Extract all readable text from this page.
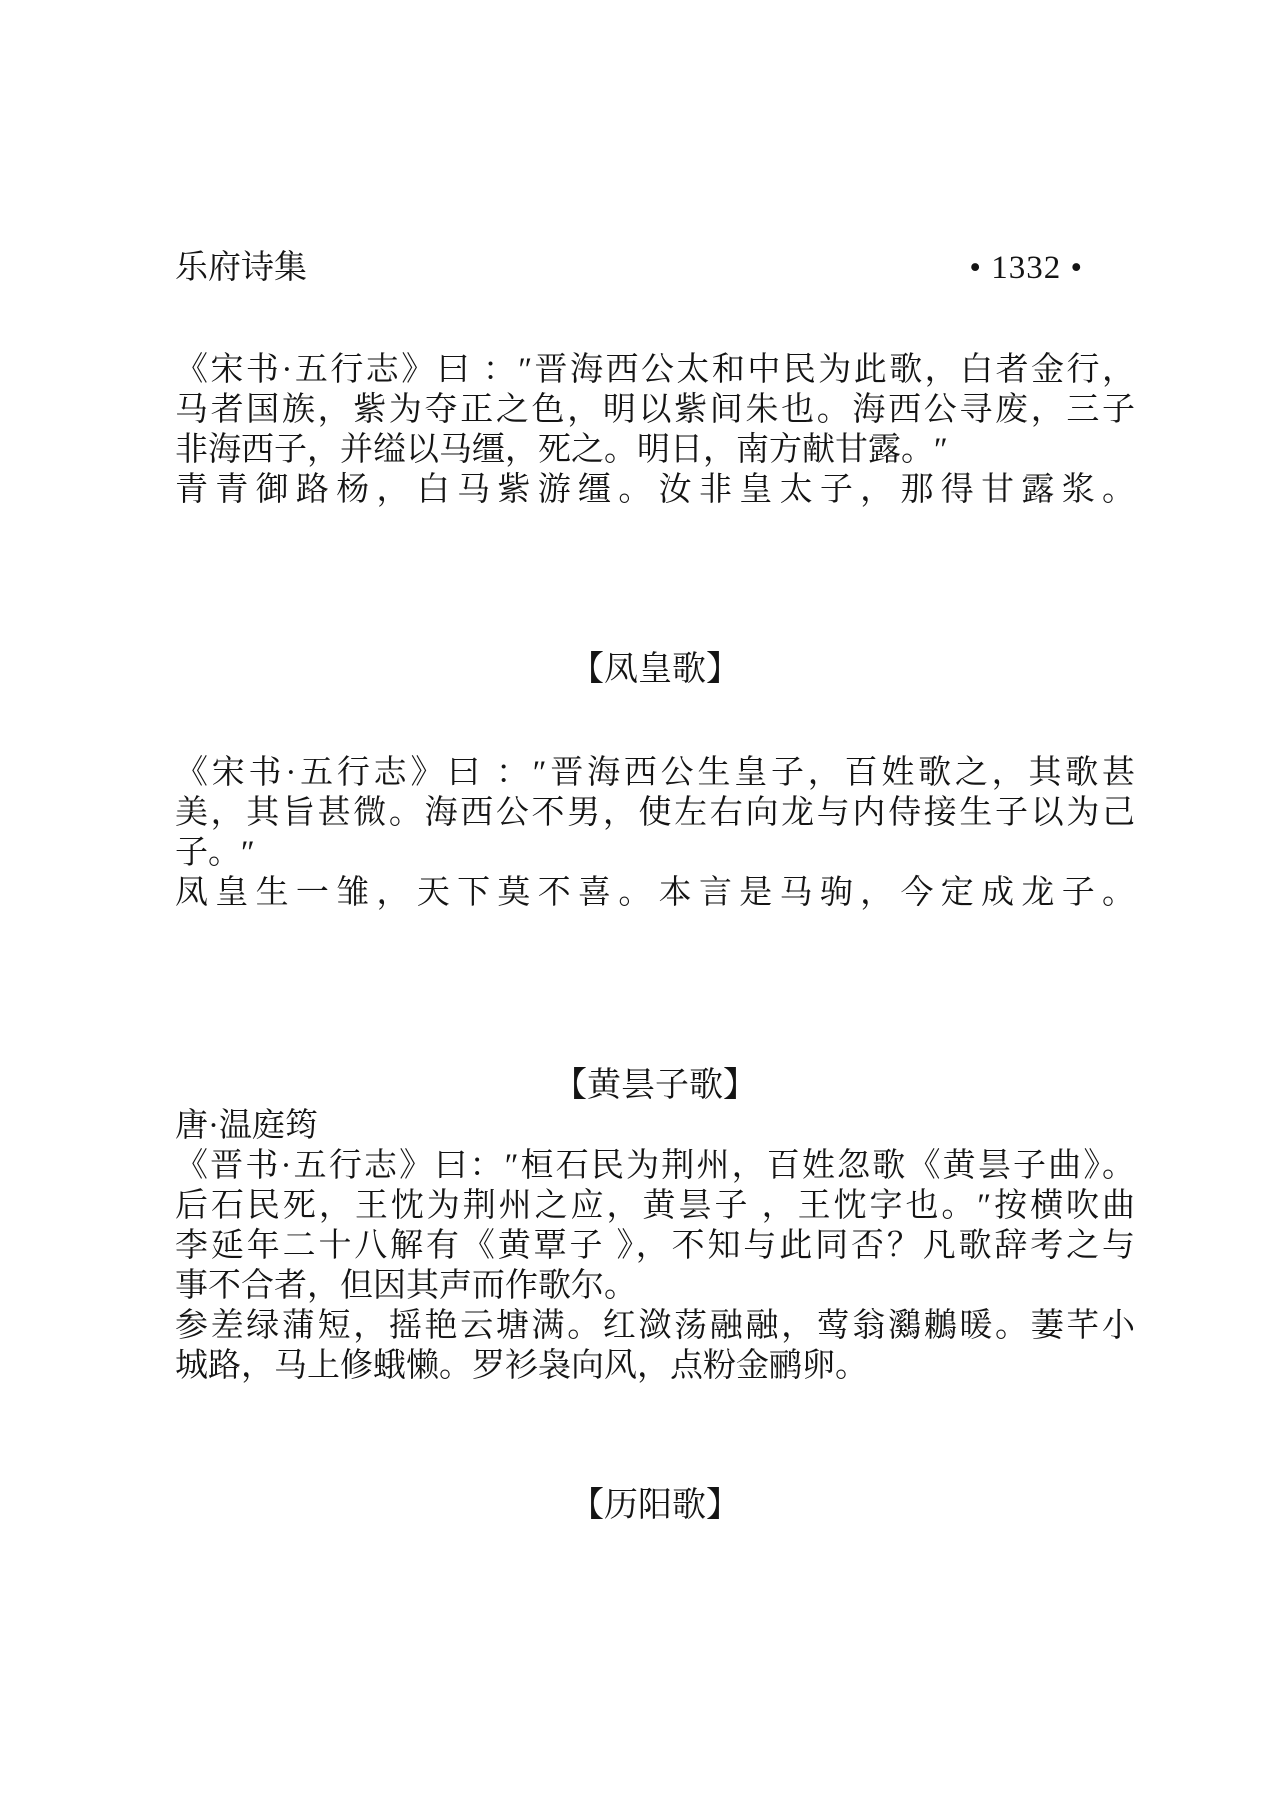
乐府诗集	• 1332 •
《宋书·五行志》曰 ：″晋海西公太和中民为此歌，白者金行，
马者国族，紫为夺正之色，明以紫间朱也。海西公寻废，三子
非海西子，并缢以马缰，死之。明日，南方献甘露。″
青青御路杨，白马紫游缰。汝非皇太子，那得甘露浆。
【凤皇歌】
《宋书·五行志》曰 ：″晋海西公生皇子，百姓歌之，其歌甚
美，其旨甚微。海西公不男，使左右向龙与内侍接生子以为己
子。″
凤皇生一雏，天下莫不喜。本言是马驹，今定成龙子。
【黄昙子歌】
唐·温庭筠
《晋书·五行志》曰：″桓石民为荆州，百姓忽歌《黄昙子曲》。
后石民死，王忱为荆州之应，黄昙子 ，王忱字也。″按横吹曲
李延年二十八解有《黄覃子 》，不知与此同否？凡歌辞考之与
事不合者，但因其声而作歌尔。
参差绿蒲短，摇艳云塘满。红潋荡融融，莺翁鸂鶒暖。萋芊小
城路，马上修蛾懒。罗衫袅向风，点粉金鹂卵。
【历阳歌】
